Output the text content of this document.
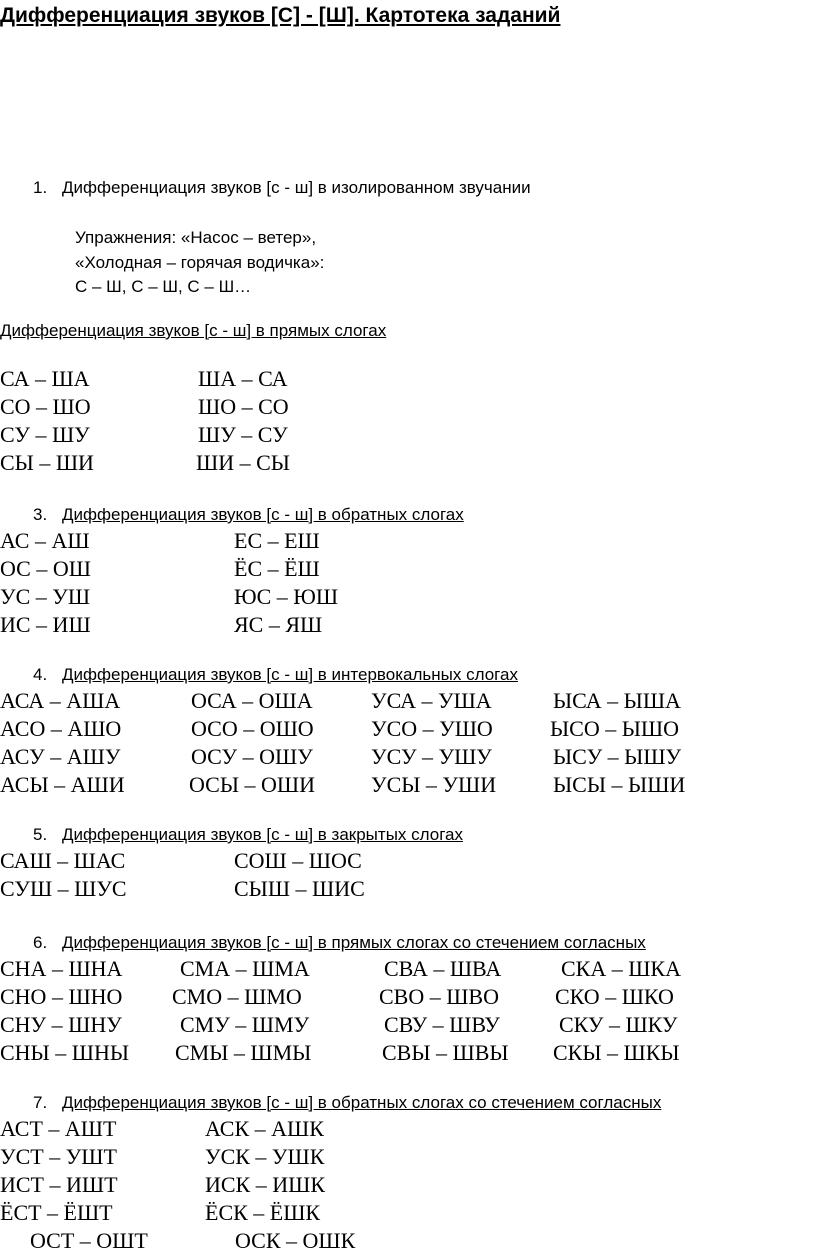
Дифференциация звуков [С] - [Ш]. Картотека заданий
1. Дифференциация звуков [с - ш] в изолированном звучании
Упражнения: «Насос – ветер»,
«Холодная – горячая водичка»:
С – Ш, С – Ш, С – Ш…
Дифференциация звуков [с - ш] в прямых слогах
СА – ША	ША – СА
СО – ШО	ШО – СО
СУ – ШУ	ШУ – СУ
СЫ – ШИ	ШИ – СЫ
3. Дифференциация звуков [с - ш] в обратных слогах
АС – АШ	ЕС – ЕШ
ОС – ОШ	ЁС – ЁШ
УС – УШ	ЮС – ЮШ
ИС – ИШ	ЯС – ЯШ
4. Дифференциация звуков [с - ш] в интервокальных слогах
АСА – АША	ОСА – ОША	УСА – УША	ЫСА – ЫША
АСО – АШО	ОСО – ОШО	УСО – УШО	ЫСО – ЫШО
АСУ – АШУ	ОСУ – ОШУ	УСУ – УШУ	ЫСУ – ЫШУ
АСЫ – АШИ	ОСЫ – ОШИ	УСЫ – УШИ	ЫСЫ – ЫШИ
5. Дифференциация звуков [с - ш] в закрытых слогах
САШ – ШАС	СОШ – ШОС
СУШ – ШУС	СЫШ – ШИС
6. Дифференциация звуков [с - ш] в прямых слогах со стечением согласных
СНА – ШНА	СМА – ШМА	СВА – ШВА	СКА – ШКА
СНО – ШНО СМО – ШМО	СВО – ШВО	СКО – ШКО
СНУ – ШНУ	СМУ – ШМУ	СВУ – ШВУ	СКУ – ШКУ
СНЫ – ШНЫ СМЫ – ШМЫ	СВЫ – ШВЫ СКЫ – ШКЫ
7. Дифференциация звуков [с - ш] в обратных слогах со стечением согласных
АСТ – АШТ	АСК – АШК
УСТ – УШТ	УСК – УШК
ИСТ – ИШТ	ИСК – ИШК
ЁСТ – ЁШТ	ЁСК – ЁШК
ОСТ – ОШТ	ОСК – ОШК
